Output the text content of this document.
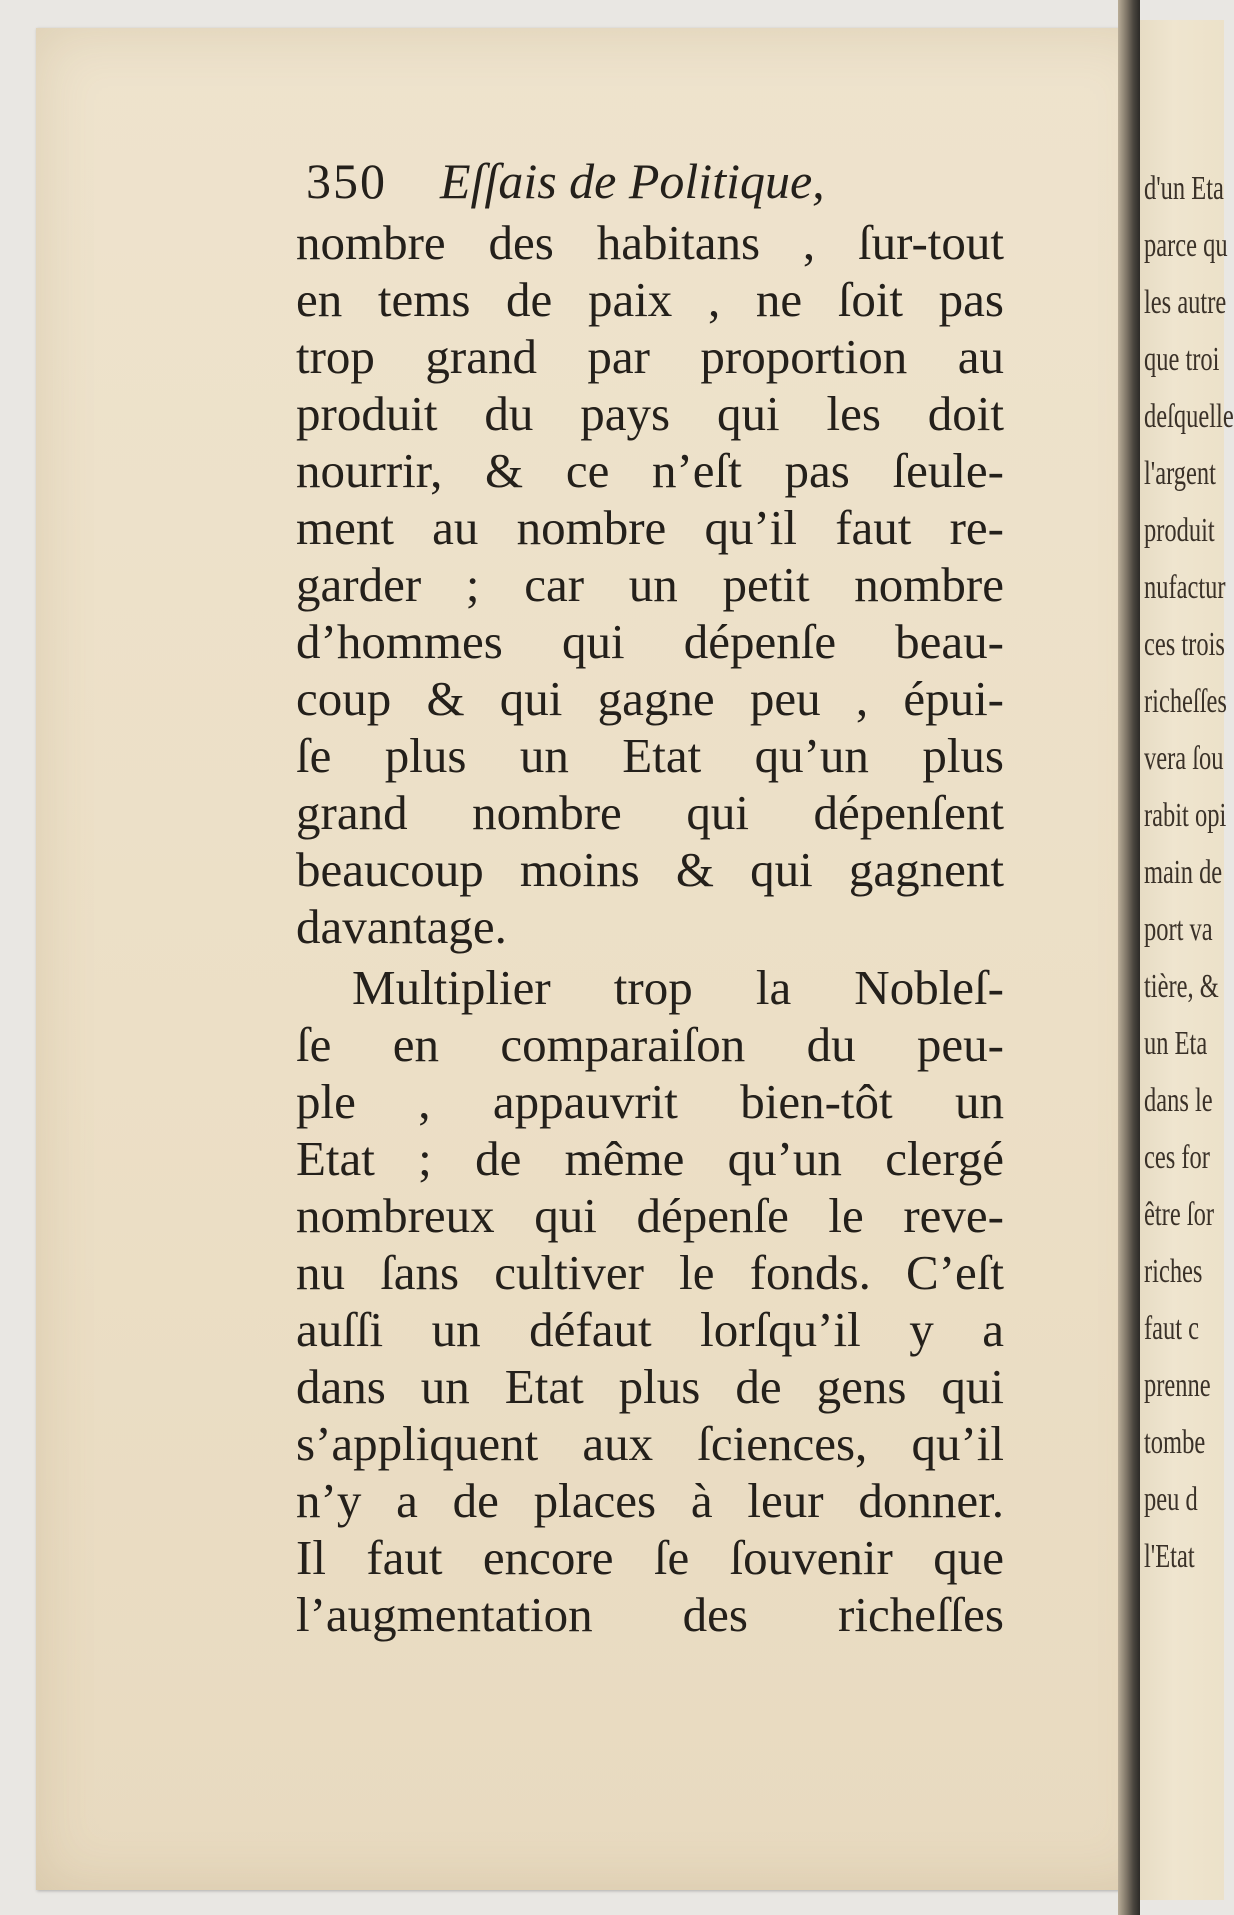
d'un Eta
parce qu
les autre
que troi
deſquelle
l'argent
produit
nufactur
ces trois
richeſſes
vera ſou
rabit opi
main de
port va
tière, &
un Eta
dans le
ces for
être ſor
riches
faut c
prenne
tombe
peu d
l'Etat
350 Eſſais de Politique,
nombre des habitans , ſur-tout
en tems de paix , ne ſoit pas
trop grand par proportion au
produit du pays qui les doit
nourrir, & ce n’eſt pas ſeule-
ment au nombre qu’il faut re-
garder ; car un petit nombre
d’hommes qui dépenſe beau-
coup & qui gagne peu , épui-
ſe plus un Etat qu’un plus
grand nombre qui dépenſent
beaucoup moins & qui gagnent
davantage.
Multiplier trop la Nobleſ-
ſe en comparaiſon du peu-
ple , appauvrit bien-tôt un
Etat ; de même qu’un clergé
nombreux qui dépenſe le reve-
nu ſans cultiver le fonds. C’eſt
auſſi un défaut lorſqu’il y a
dans un Etat plus de gens qui
s’appliquent aux ſciences, qu’il
n’y a de places à leur donner.
Il faut encore ſe ſouvenir que
l’augmentation des richeſſes
